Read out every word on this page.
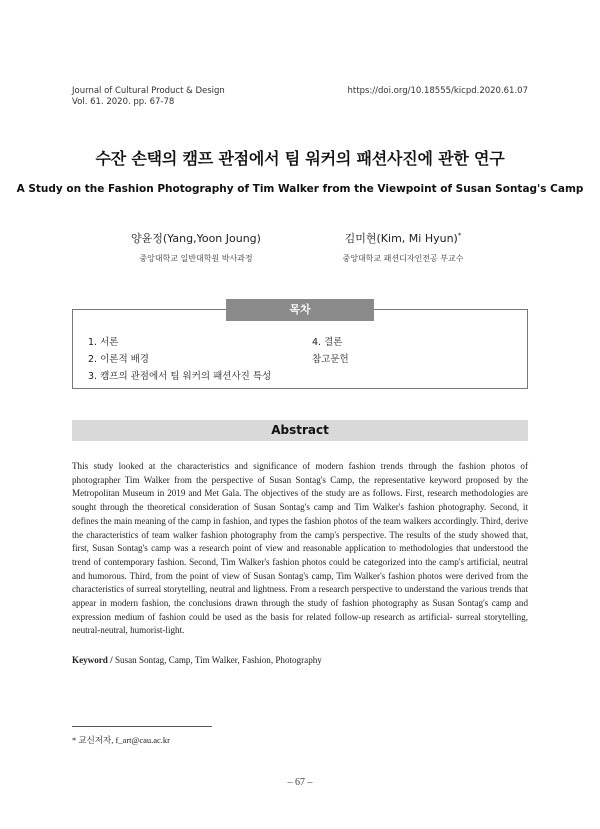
Journal of Cultural Product & Design
Vol. 61. 2020. pp. 67-78
https://doi.org/10.18555/kicpd.2020.61.07
수잔 손택의 캠프 관점에서 팀 워커의 패션사진에 관한 연구
A Study on the Fashion Photography of Tim Walker from the Viewpoint of Susan Sontag's Camp
양윤정(Yang,Yoon Joung)
중앙대학교 일반대학원 박사과정
김미현(Kim, Mi Hyun)*
중앙대학교 패션디자인전공 부교수
목차
1. 서론
2. 이론적 배경
3. 캠프의 관점에서 팀 워커의 패션사진 특성
4. 결론
참고문헌
Abstract
This study looked at the characteristics and significance of modern fashion trends through the fashion photos of photographer Tim Walker from the perspective of Susan Sontag's Camp, the representative keyword proposed by the Metropolitan Museum in 2019 and Met Gala. The objectives of the study are as follows. First, research methodologies are sought through the theoretical consideration of Susan Sontag's camp and Tim Walker's fashion photography. Second, it defines the main meaning of the camp in fashion, and types the fashion photos of the team walkers accordingly. Third, derive the characteristics of team walker fashion photography from the camp's perspective. The results of the study showed that, first, Susan Sontag's camp was a research point of view and reasonable application to methodologies that understood the trend of contemporary fashion. Second, Tim Walker's fashion photos could be categorized into the camp's artificial, neutral and humorous. Third, from the point of view of Susan Sontag's camp, Tim Walker's fashion photos were derived from the characteristics of surreal storytelling, neutral and lightness. From a research perspective to understand the various trends that appear in modern fashion, the conclusions drawn through the study of fashion photography as Susan Sontag's camp and expression medium of fashion could be used as the basis for related follow-up research as artificial- surreal storytelling, neutral-neutral, humorist-light.
Keyword / Susan Sontag, Camp, Tim Walker, Fashion, Photography
* 교신저자, f_art@cau.ac.kr
– 67 –
